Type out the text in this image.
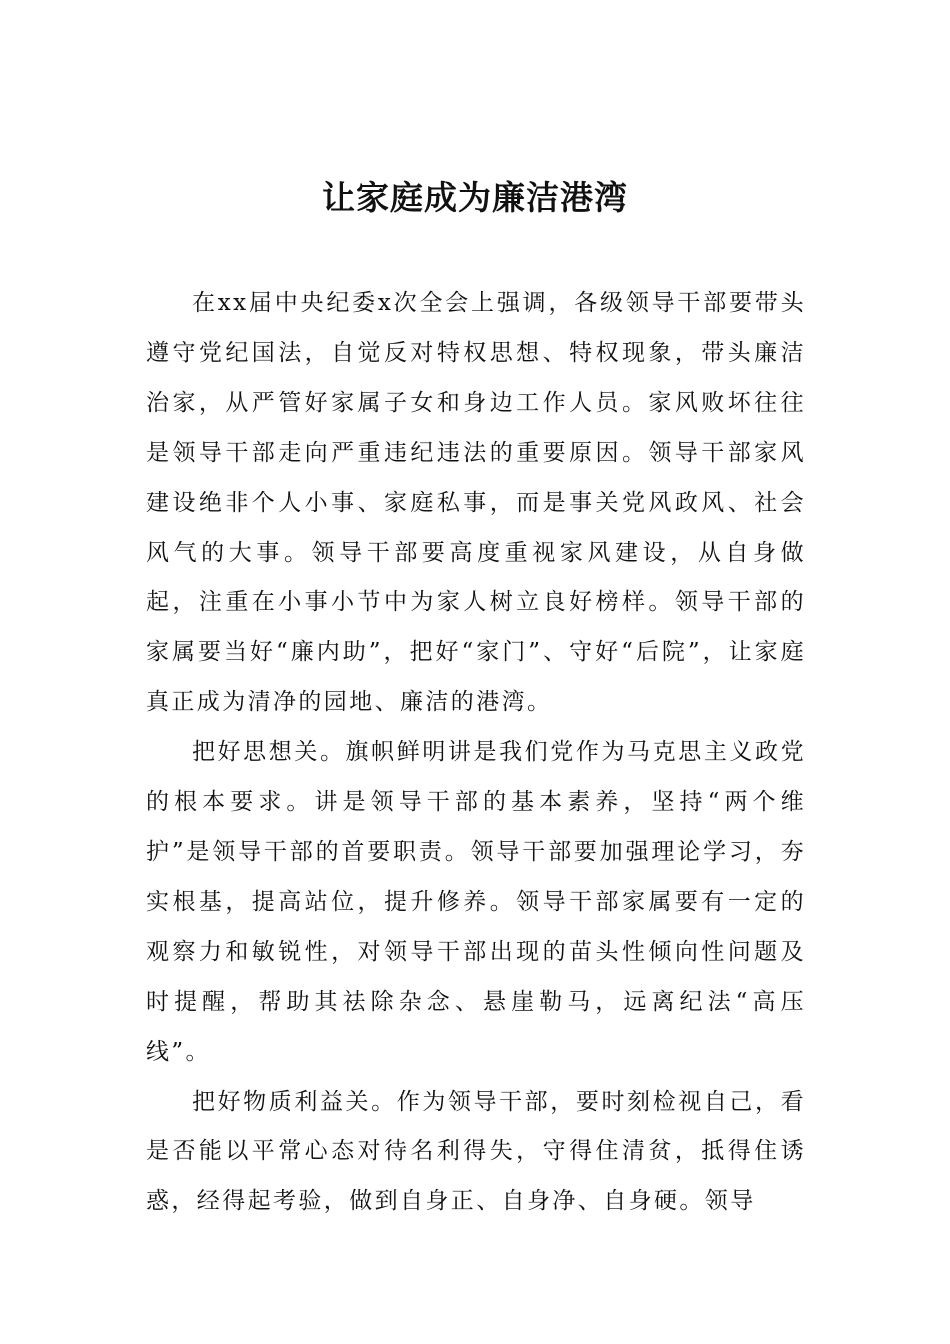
让家庭成为廉洁港湾

在xx届中央纪委x次全会上强调，各级领导干部要带头遵守党纪国法，自觉反对特权思想、特权现象，带头廉洁治家，从严管好家属子女和身边工作人员。家风败坏往往是领导干部走向严重违纪违法的重要原因。领导干部家风建设绝非个人小事、家庭私事，而是事关党风政风、社会风气的大事。领导干部要高度重视家风建设，从自身做起，注重在小事小节中为家人树立良好榜样。领导干部的家属要当好“廉内助”，把好“家门”、守好“后院”，让家庭真正成为清净的园地、廉洁的港湾。

把好思想关。旗帜鲜明讲是我们党作为马克思主义政党的根本要求。讲是领导干部的基本素养，坚持“两个维护”是领导干部的首要职责。领导干部要加强理论学习，夯实根基，提高站位，提升修养。领导干部家属要有一定的观察力和敏锐性，对领导干部出现的苗头性倾向性问题及时提醒，帮助其祛除杂念、悬崖勒马，远离纪法“高压线”。

把好物质利益关。作为领导干部，要时刻检视自己，看是否能以平常心态对待名利得失，守得住清贫，抵得住诱惑，经得起考验，做到自身正、自身净、自身硬。领导
